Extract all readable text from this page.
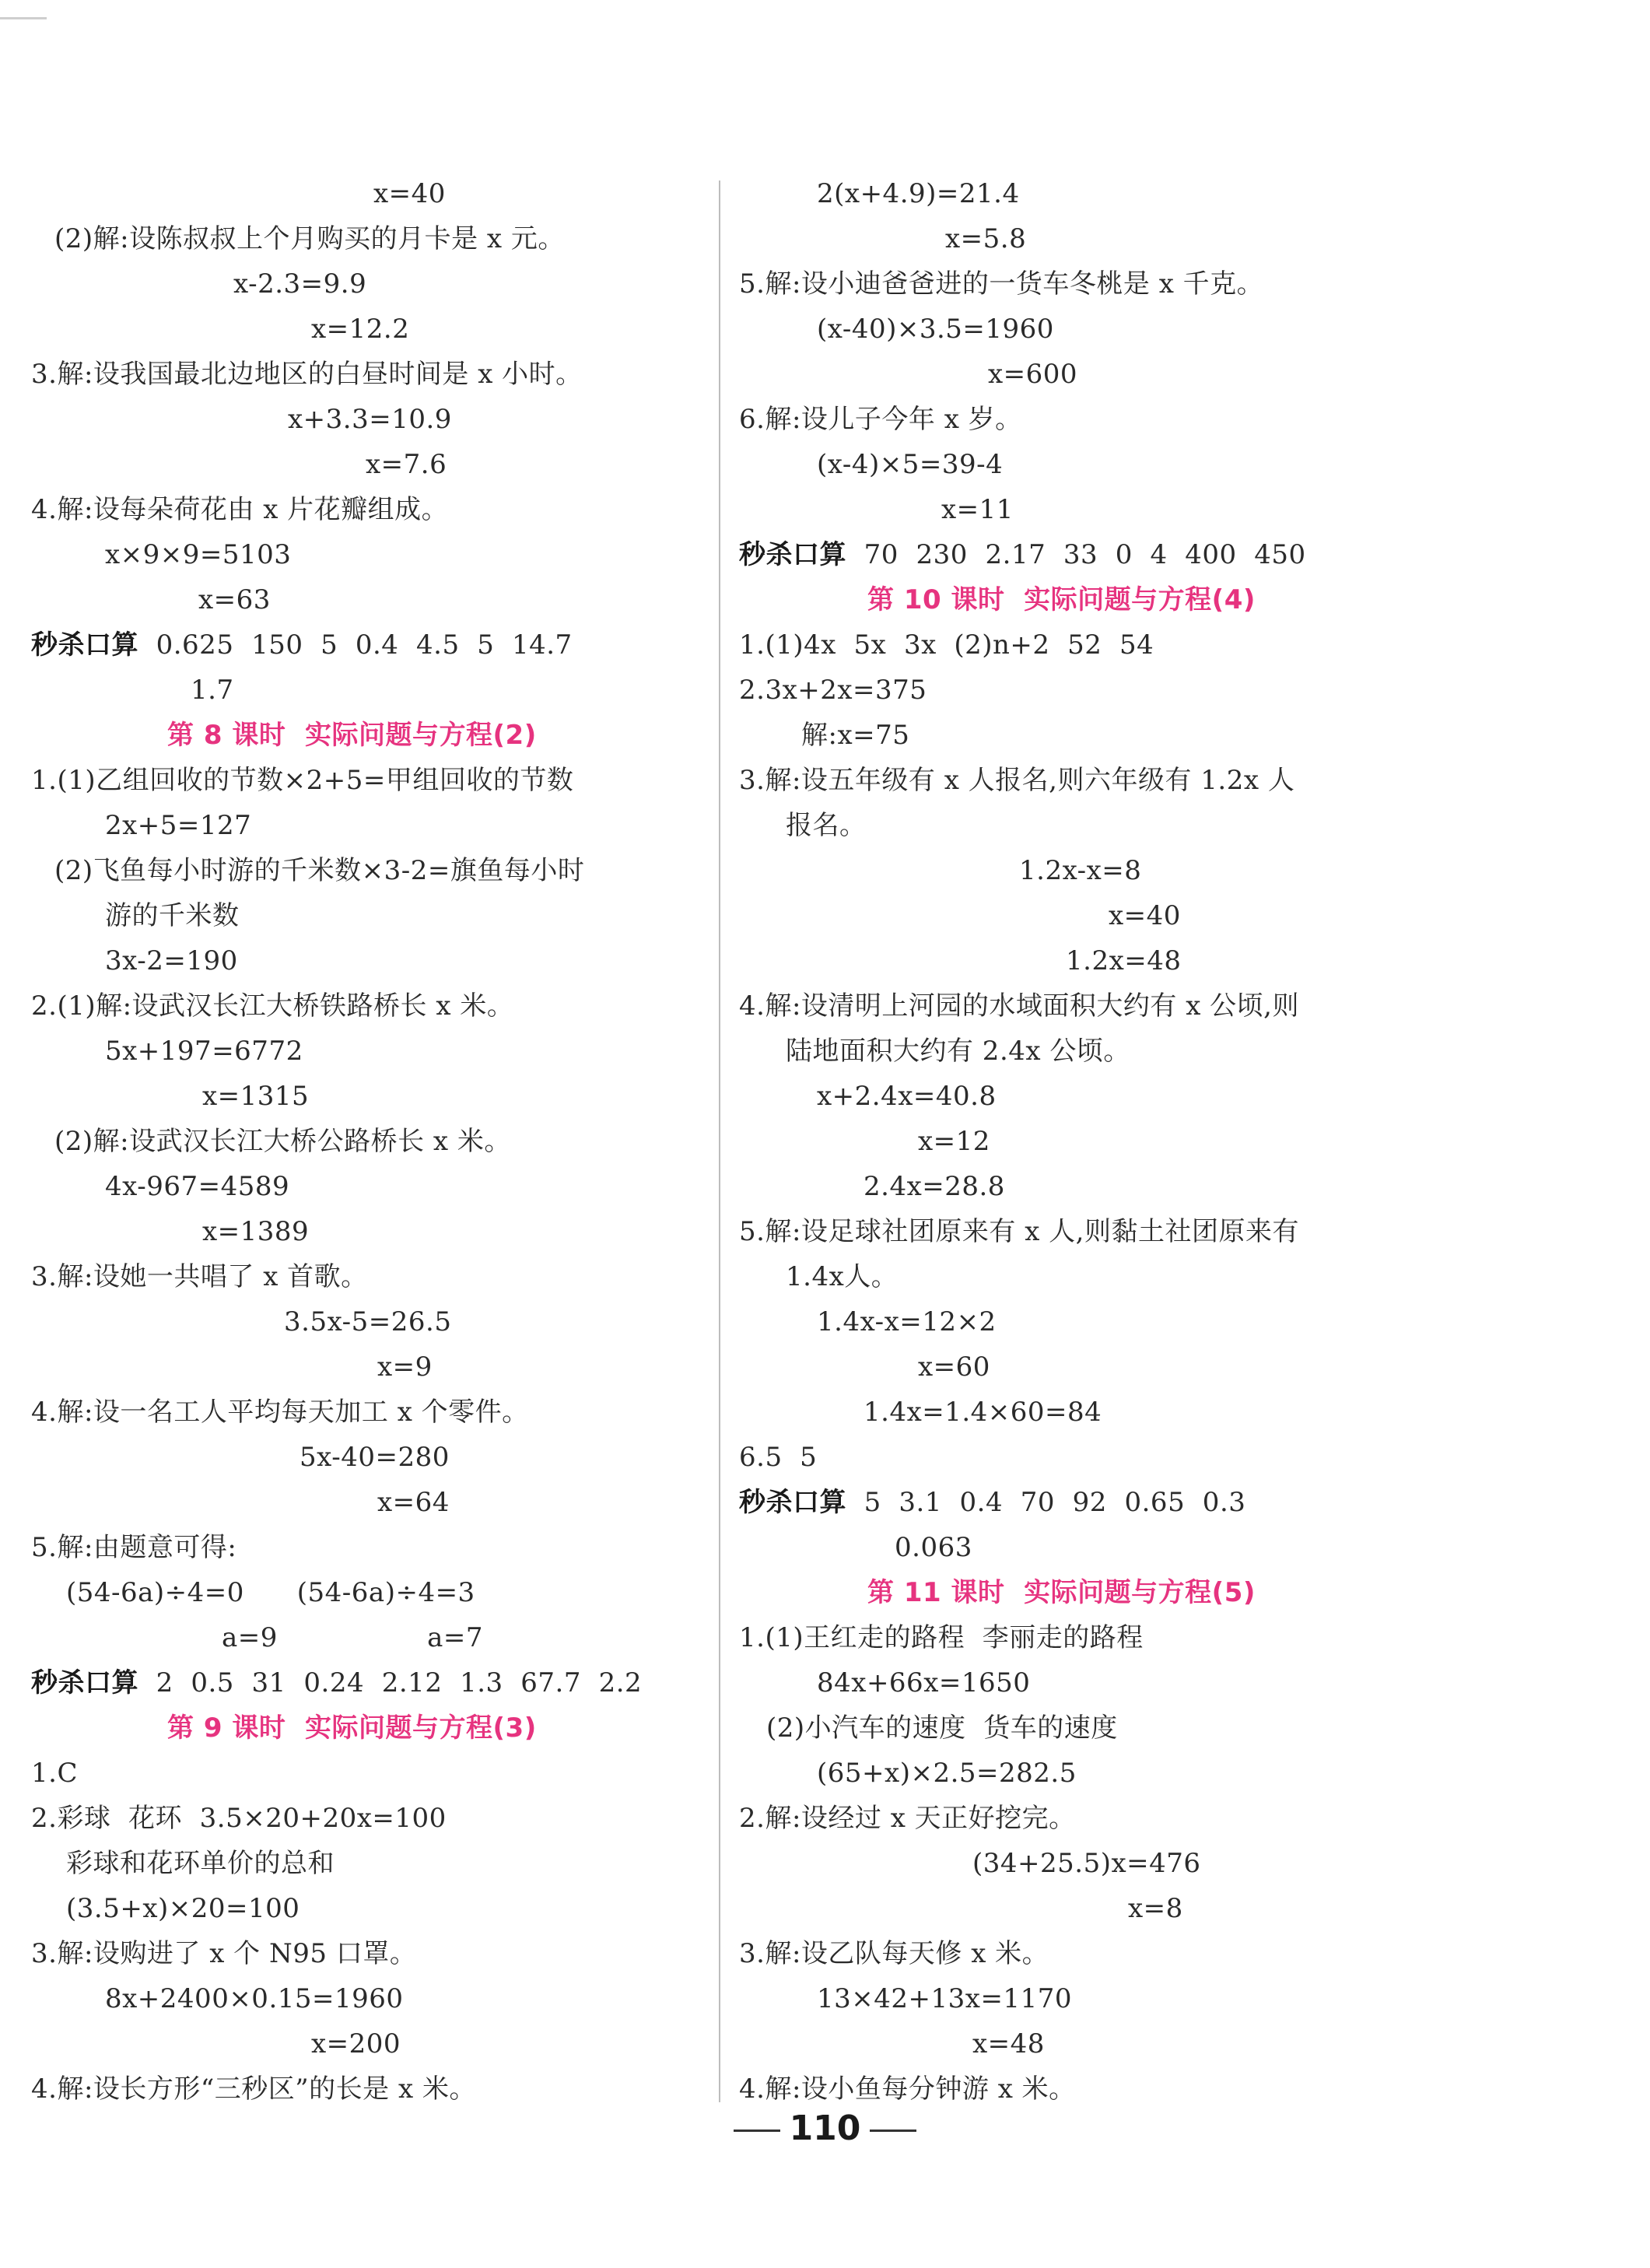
x=40
(2)解:设陈叔叔上个月购买的月卡是 x 元。
x-2.3=9.9
x=12.2
3.解:设我国最北边地区的白昼时间是 x 小时。
x+3.3=10.9
x=7.6
4.解:设每朵荷花由 x 片花瓣组成。
x×9×9=5103
x=63
秒杀口算  0.625  150  5  0.4  4.5  5  14.7
1.7
第 8 课时  实际问题与方程(2)
1.(1)乙组回收的节数×2+5=甲组回收的节数
2x+5=127
(2)飞鱼每小时游的千米数×3-2=旗鱼每小时
游的千米数
3x-2=190
2.(1)解:设武汉长江大桥铁路桥长 x 米。
5x+197=6772
x=1315
(2)解:设武汉长江大桥公路桥长 x 米。
4x-967=4589
x=1389
3.解:设她一共唱了 x 首歌。
3.5x-5=26.5
x=9
4.解:设一名工人平均每天加工 x 个零件。
5x-40=280
x=64
5.解:由题意可得:
(54-6a)÷4=0      (54-6a)÷4=3
a=9                 a=7
秒杀口算  2  0.5  31  0.24  2.12  1.3  67.7  2.2
第 9 课时  实际问题与方程(3)
1.C
2.彩球  花环  3.5×20+20x=100
彩球和花环单价的总和
(3.5+x)×20=100
3.解:设购进了 x 个 N95 口罩。
8x+2400×0.15=1960
x=200
4.解:设长方形“三秒区”的长是 x 米。
2(x+4.9)=21.4
x=5.8
5.解:设小迪爸爸进的一货车冬桃是 x 千克。
(x-40)×3.5=1960
x=600
6.解:设儿子今年 x 岁。
(x-4)×5=39-4
x=11
秒杀口算  70  230  2.17  33  0  4  400  450
第 10 课时  实际问题与方程(4)
1.(1)4x  5x  3x  (2)n+2  52  54
2.3x+2x=375
解:x=75
3.解:设五年级有 x 人报名,则六年级有 1.2x 人
报名。
1.2x-x=8
x=40
1.2x=48
4.解:设清明上河园的水域面积大约有 x 公顷,则
陆地面积大约有 2.4x 公顷。
x+2.4x=40.8
x=12
2.4x=28.8
5.解:设足球社团原来有 x 人,则黏土社团原来有
1.4x人。
1.4x-x=12×2
x=60
1.4x=1.4×60=84
6.5  5
秒杀口算  5  3.1  0.4  70  92  0.65  0.3
0.063
第 11 课时  实际问题与方程(5)
1.(1)王红走的路程  李丽走的路程
84x+66x=1650
(2)小汽车的速度  货车的速度
(65+x)×2.5=282.5
2.解:设经过 x 天正好挖完。
(34+25.5)x=476
x=8
3.解:设乙队每天修 x 米。
13×42+13x=1170
x=48
4.解:设小鱼每分钟游 x 米。
110
